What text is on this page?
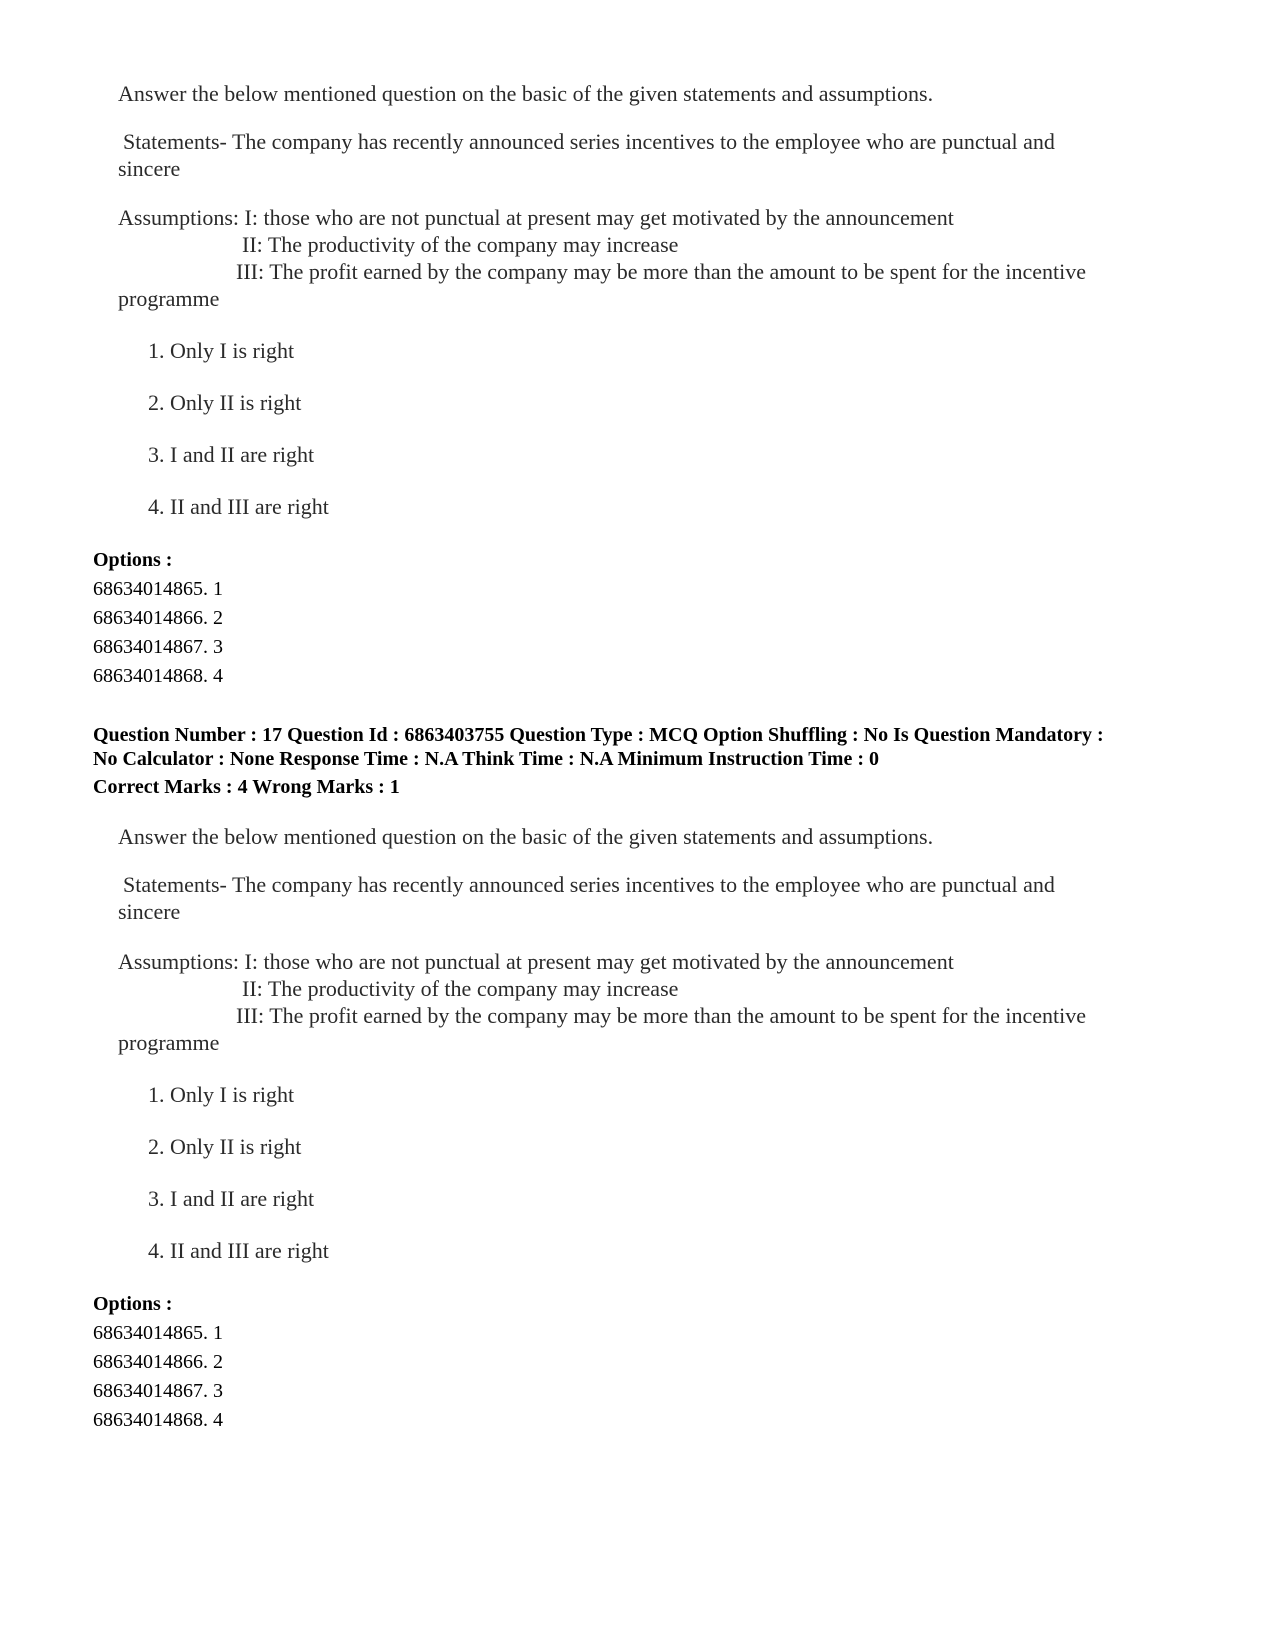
Answer the below mentioned question on the basic of the given statements and assumptions.
Statements- The company has recently announced series incentives to the employee who are punctual and
sincere
Assumptions: I: those who are not punctual at present may get motivated by the announcement
II: The productivity of the company may increase
III: The profit earned by the company may be more than the amount to be spent for the incentive
programme
1. Only I is right
2. Only II is right
3. I and II are right
4. II and III are right
Options :
68634014865. 1
68634014866. 2
68634014867. 3
68634014868. 4
Question Number : 17 Question Id : 6863403755 Question Type : MCQ Option Shuffling : No Is Question Mandatory :
No Calculator : None Response Time : N.A Think Time : N.A Minimum Instruction Time : 0
Correct Marks : 4 Wrong Marks : 1
Answer the below mentioned question on the basic of the given statements and assumptions.
Statements- The company has recently announced series incentives to the employee who are punctual and
sincere
Assumptions: I: those who are not punctual at present may get motivated by the announcement
II: The productivity of the company may increase
III: The profit earned by the company may be more than the amount to be spent for the incentive
programme
1. Only I is right
2. Only II is right
3. I and II are right
4. II and III are right
Options :
68634014865. 1
68634014866. 2
68634014867. 3
68634014868. 4
